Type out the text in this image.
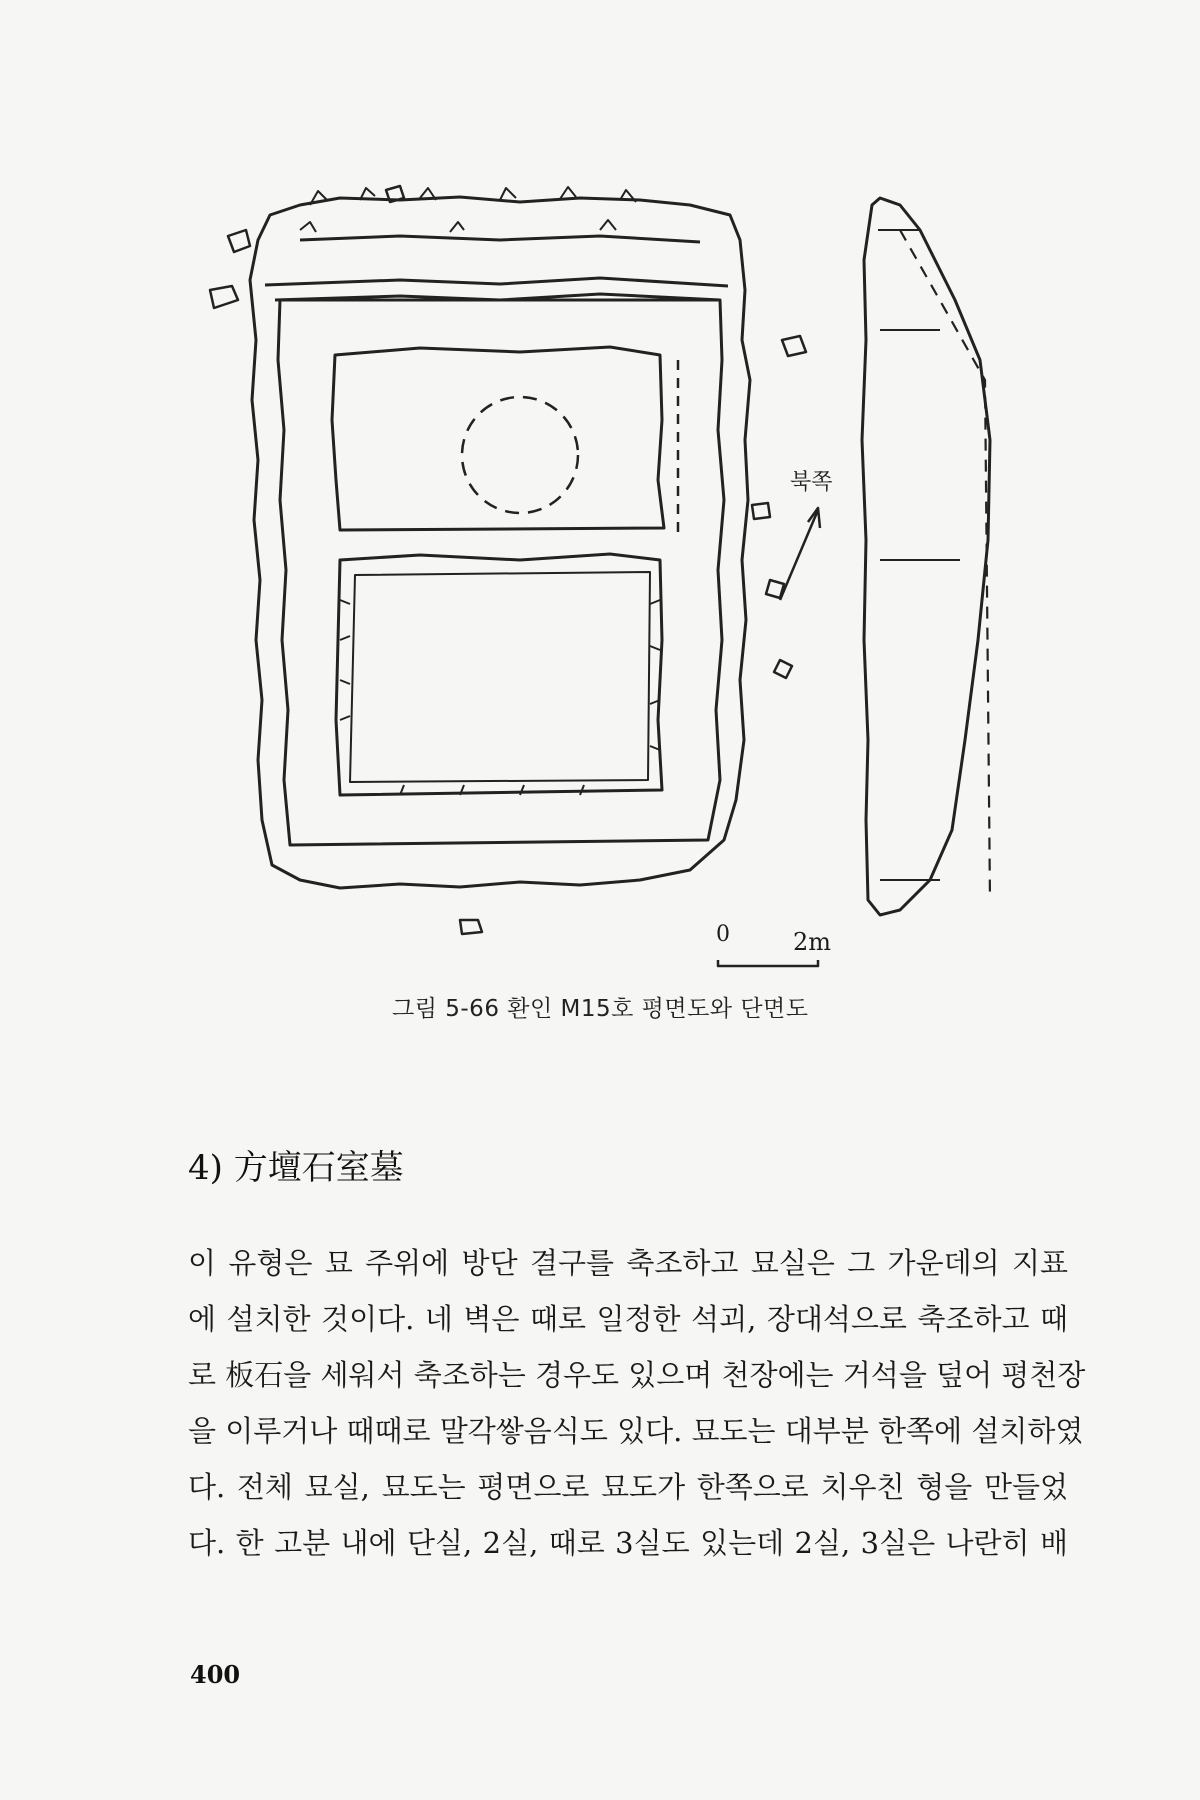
북쪽
0	2m
그림 5-66 환인 M15호 평면도와 단면도
4) 方壇石室墓
이 유형은 묘 주위에 방단 결구를 축조하고 묘실은 그 가운데의 지표
에 설치한 것이다. 네 벽은 때로 일정한 석괴, 장대석으로 축조하고 때
로 板石을 세워서 축조하는 경우도 있으며 천장에는 거석을 덮어 평천장
을 이루거나 때때로 말각쌓음식도 있다. 묘도는 대부분 한쪽에 설치하였
다. 전체 묘실, 묘도는 평면으로 묘도가 한쪽으로 치우친 형을 만들었
다. 한 고분 내에 단실, 2실, 때로 3실도 있는데 2실, 3실은 나란히 배
400
